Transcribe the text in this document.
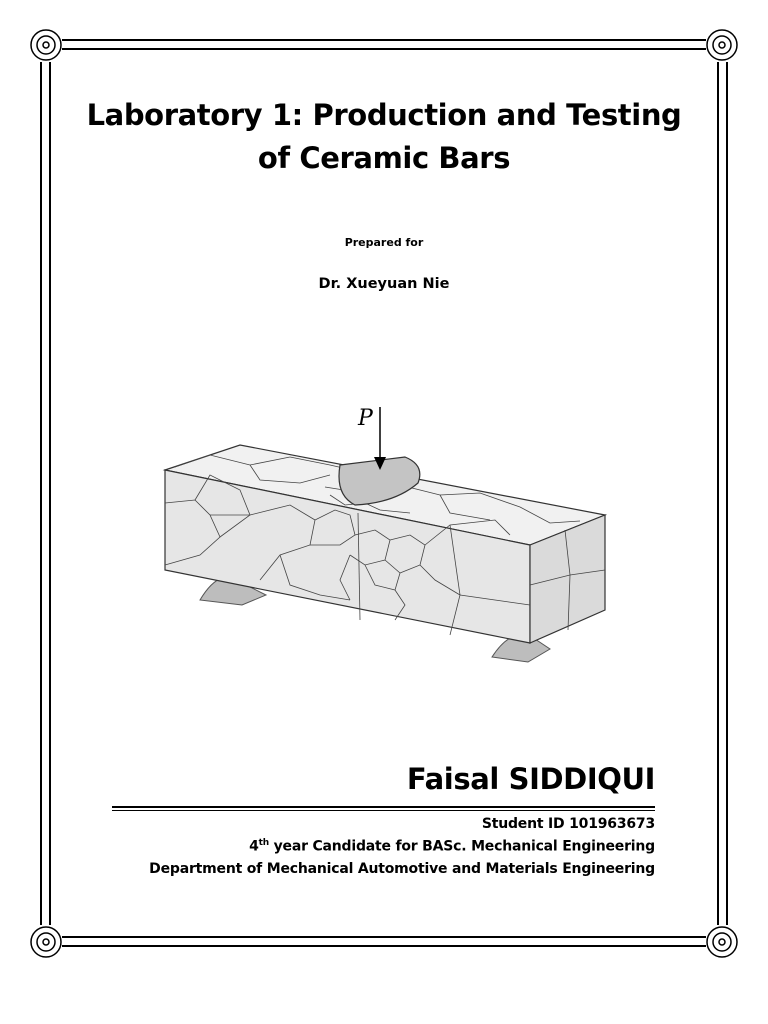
Laboratory 1: Production and Testing
of Ceramic Bars
Prepared for
Dr. Xueyuan Nie
P
Faisal SIDDIQUI
Student ID 101963673
4th year Candidate for BASc. Mechanical Engineering
Department of Mechanical Automotive and Materials Engineering
